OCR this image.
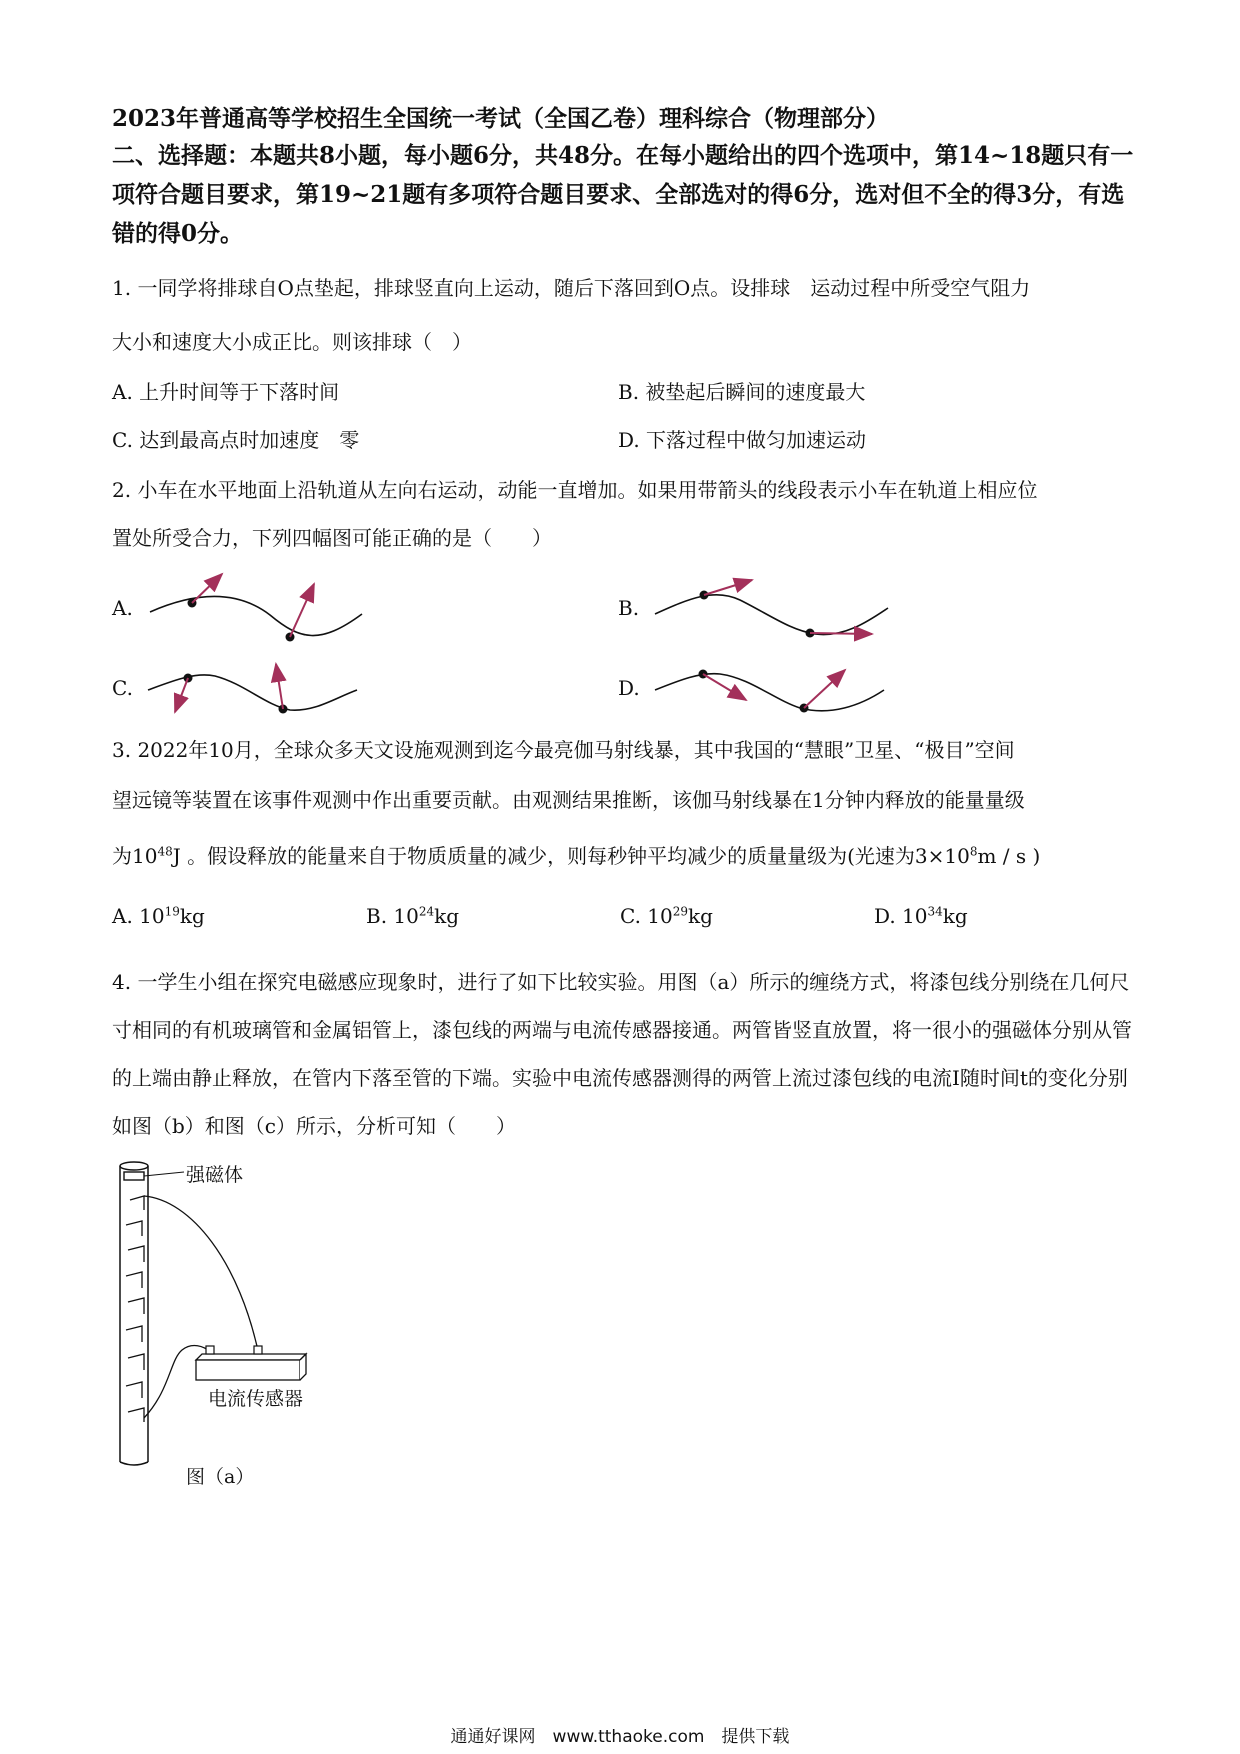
2023年普通高等学校招生全国统一考试（全国乙卷）理科综合（物理部分）
二、选择题：本题共8小题，每小题6分，共48分。在每小题给出的四个选项中，第14~18题只有一项符合题目要求，第19~21题有多项符合题目要求、全部选对的得6分，选对但不全的得3分，有选错的得0分。
1. 一同学将排球自O点垫起，排球竖直向上运动，随后下落回到O点。设排球　运动过程中所受空气阻力
大小和速度大小成正比。则该排球（　）
A. 上升时间等于下落时间	B. 被垫起后瞬间的速度最大
C. 达到最高点时加速度　零	D. 下落过程中做匀加速运动
2. 小车在水平地面上沿轨道从左向右运动，动能一直增加。如果用带箭头的线段表示小车在轨道上相应位
置处所受合力，下列四幅图可能正确的是（　　）
A.	B.
C.	D.
3. 2022年10月，全球众多天文设施观测到迄今最亮伽马射线暴，其中我国的“慧眼”卫星、“极目”空间
望远镜等装置在该事件观测中作出重要贡献。由观测结果推断，该伽马射线暴在1分钟内释放的能量量级
为$10^{48}J$ 。假设释放的能量来自于物质质量的减少，则每秒钟平均减少的质量量级为(光速为$3\times 10^8m / s$ )
A. $10^{19}kg$	B. $10^{24}kg$	C. $10^{29}kg$	D. $10^{34}kg$
4. 一学生小组在探究电磁感应现象时，进行了如下比较实验。用图（a）所示的缠绕方式，将漆包线分别绕在几何尺寸相同的有机玻璃管和金属铝管上，漆包线的两端与电流传感器接通。两管皆竖直放置，将一很小的强磁体分别从管的上端由静止释放，在管内下落至管的下端。实验中电流传感器测得的两管上流过漆包线的电流I随时间t的变化分别如图（b）和图（c）所示，分析可知（　　）
强磁体
电流传感器
图（a）
通通好课网　www.tthaoke.com　提供下载
